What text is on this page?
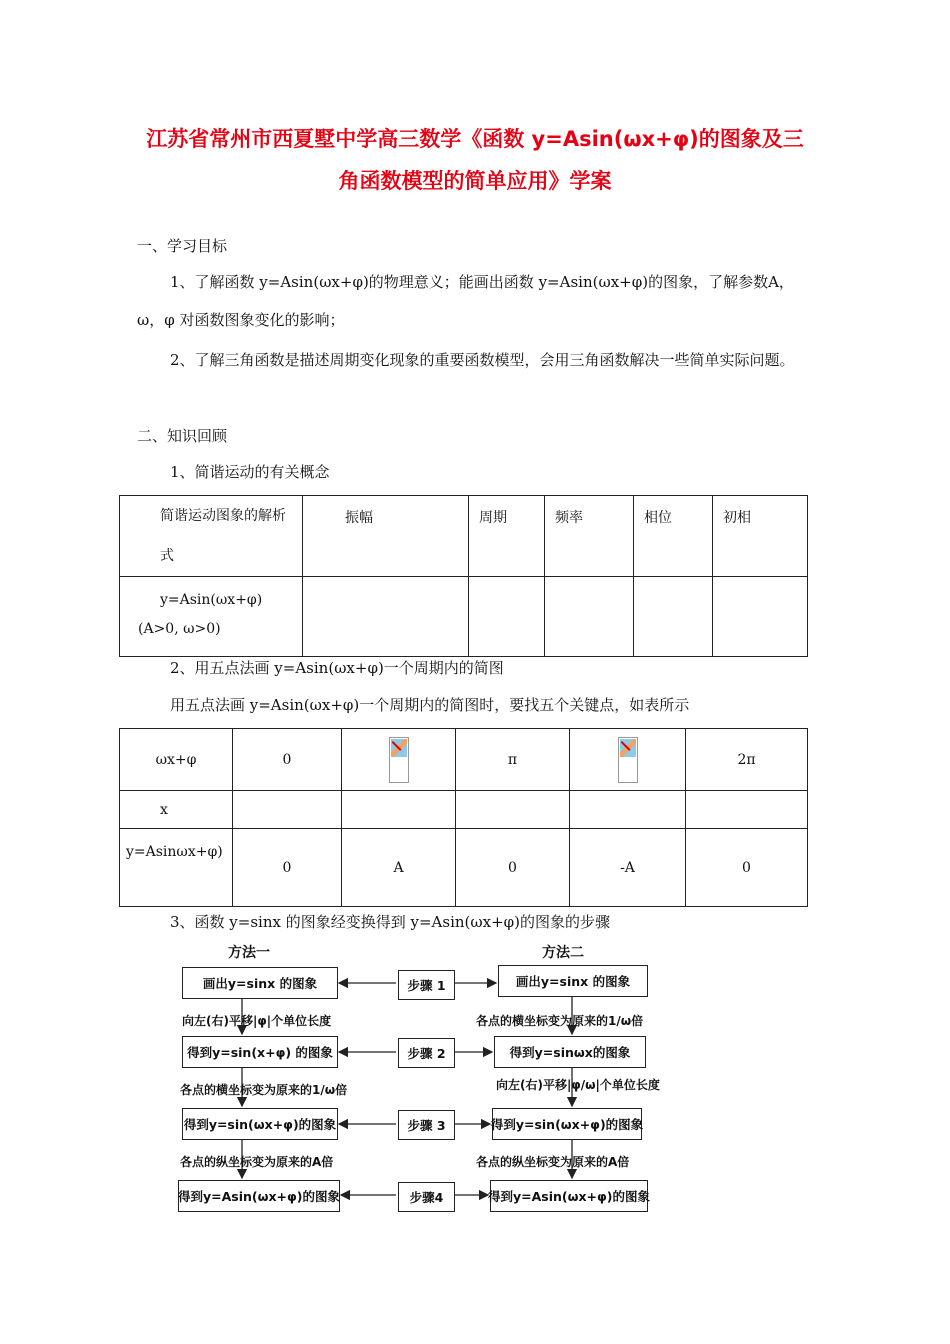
江苏省常州市西夏墅中学高三数学《函数 y=Asin(ωx+φ)的图象及三
角函数模型的简单应用》学案
一、学习目标
1、了解函数 y=Asin(ωx+φ)的物理意义；能画出函数 y=Asin(ωx+φ)的图象，了解参数A，ω，φ 对函数图象变化的影响；
2、了解三角函数是描述周期变化现象的重要函数模型，会用三角函数解决一些简单实际问题。
二、知识回顾
1、简谐运动的有关概念
简谐运动图象的解析式	振幅	周期	频率	相位	初相

y=Asin(ωx+φ)
(A>0, ω>0)					

2、用五点法画 y=Asin(ωx+φ)一个周期内的简图
用五点法画 y=Asin(ωx+φ)一个周期内的简图时，要找五个关键点，如表所示
ωx+φ	0		π		2π
x					
y=Asinωx+φ)	0	A	0	-A	0
3、函数 y=sinx 的图象经变换得到 y=Asin(ωx+φ)的图象的步骤
方法一	方法二
画出y=sinx 的图象
向左(右)平移|φ|个单位长度
得到y=sin(x+φ) 的图象
各点的横坐标变为原来的1/ω倍
得到y=sin(ωx+φ)的图象
各点的纵坐标变为原来的A倍
得到y=Asin(ωx+φ)的图象
步骤 1
步骤 2
步骤 3
步骤4
画出y=sinx 的图象
各点的横坐标变为原来的1/ω倍
得到y=sinωx的图象
向左(右)平移|φ/ω|个单位长度
得到y=sin(ωx+φ)的图象
各点的纵坐标变为原来的A倍
得到y=Asin(ωx+φ)的图象
